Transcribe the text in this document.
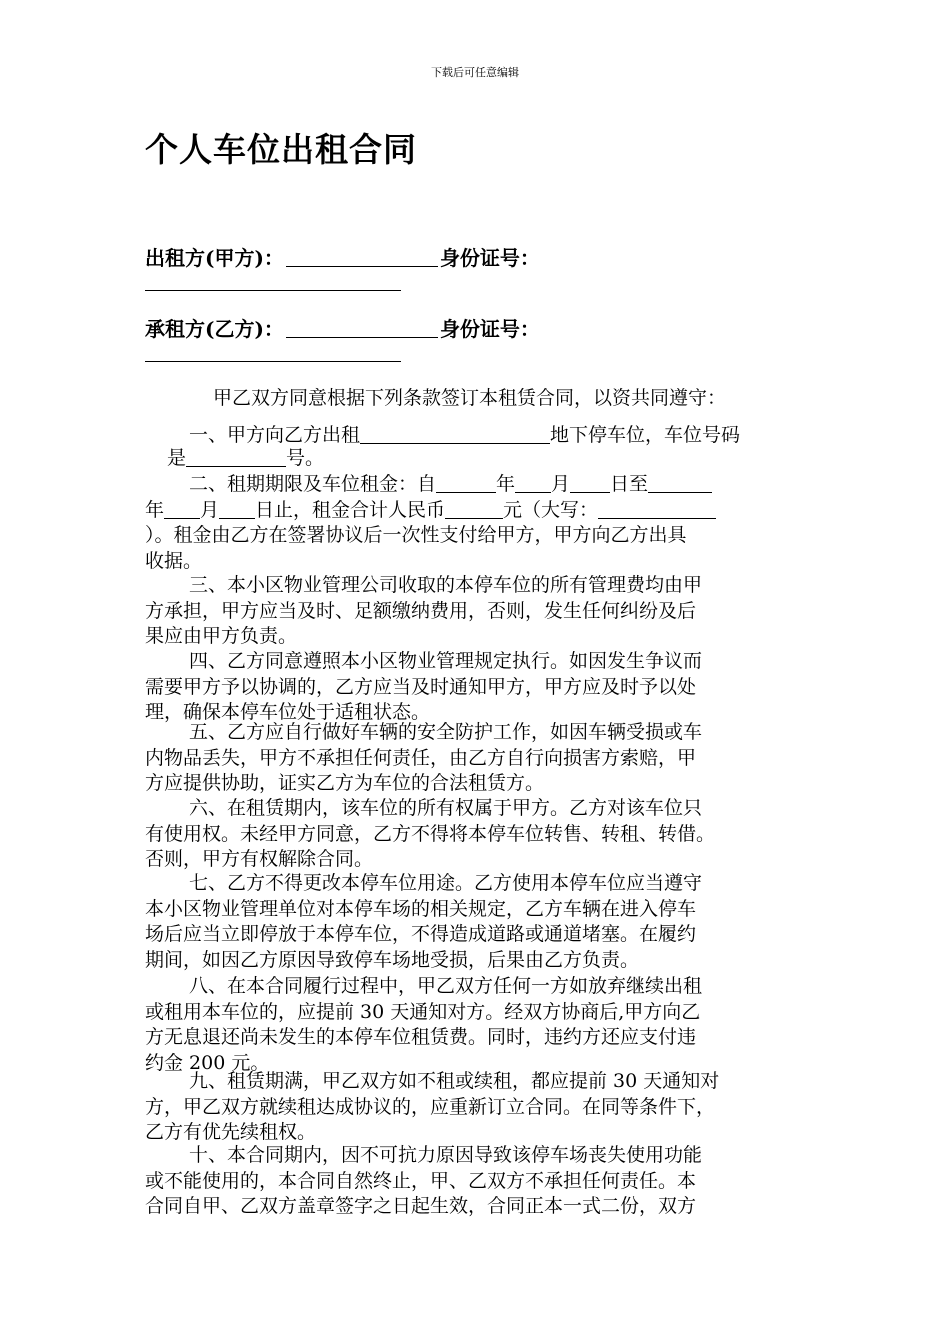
下载后可任意编辑
个人车位出租合同
出租方(甲方)：	身份证号：
承租方(乙方)：	身份证号：

甲乙双方同意根据下列条款签订本租赁合同，以资共同遵守：

一、甲方向乙方出租	地下停车位，车位号码
是	号。
二、租期期限及车位租金：自	年 月 日至
年 月 日止，租金合计人民币	元（大写：
）。租金由乙方在签署协议后一次性支付给甲方，甲方向乙方出具
收据。
三、本小区物业管理公司收取的本停车位的所有管理费均由甲
方承担，甲方应当及时、足额缴纳费用，否则，发生任何纠纷及后
果应由甲方负责。
四、乙方同意遵照本小区物业管理规定执行。如因发生争议而
需要甲方予以协调的，乙方应当及时通知甲方，甲方应及时予以处
理，确保本停车位处于适租状态。
五、乙方应自行做好车辆的安全防护工作，如因车辆受损或车
内物品丢失，甲方不承担任何责任，由乙方自行向损害方索赔，甲
方应提供协助，证实乙方为车位的合法租赁方。
六、在租赁期内，该车位的所有权属于甲方。乙方对该车位只
有使用权。未经甲方同意，乙方不得将本停车位转售、转租、转借。
否则，甲方有权解除合同。
七、乙方不得更改本停车位用途。乙方使用本停车位应当遵守
本小区物业管理单位对本停车场的相关规定，乙方车辆在进入停车
场后应当立即停放于本停车位，不得造成道路或通道堵塞。在履约
期间，如因乙方原因导致停车场地受损，后果由乙方负责。
八、在本合同履行过程中，甲乙双方任何一方如放弃继续出租
或租用本车位的，应提前 30 天通知对方。经双方协商后,甲方向乙
方无息退还尚未发生的本停车位租赁费。同时，违约方还应支付违
约金 200 元。
九、租赁期满，甲乙双方如不租或续租，都应提前 30 天通知对
方，甲乙双方就续租达成协议的，应重新订立合同。在同等条件下，
乙方有优先续租权。
十、本合同期内，因不可抗力原因导致该停车场丧失使用功能
或不能使用的，本合同自然终止，甲、乙双方不承担任何责任。本
合同自甲、乙双方盖章签字之日起生效，合同正本一式二份，双方
